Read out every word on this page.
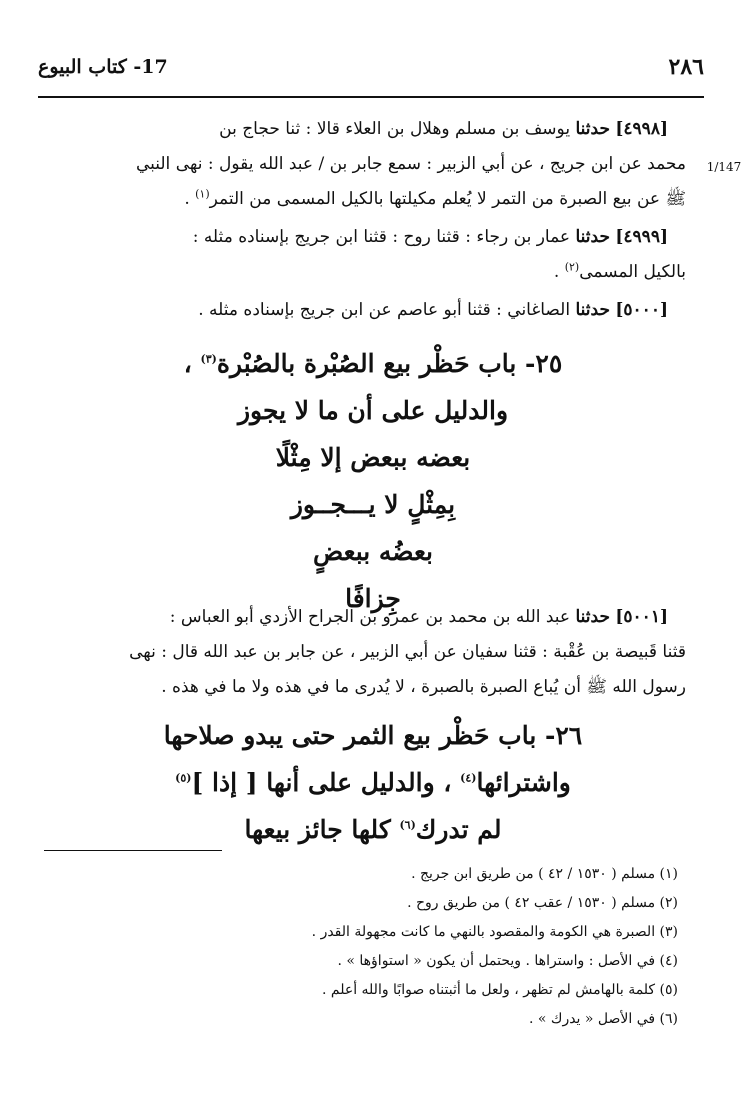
٢٨٦
17- كتاب البيوع
1/147
[٤٩٩٨] حدثنا يوسف بن مسلم وهلال بن العلاء قالا : ثنا حجاج بن
محمد عن ابن جريج ، عن أبي الزبير : سمع جابر بن / عبد الله يقول : نهى النبي
ﷺ عن بيع الصبرة من التمر لا يُعلم مكيلتها بالكيل المسمى من التمر$^{(١)}$ .
[٤٩٩٩] حدثنا عمار بن رجاء : قثنا روح : قثنا ابن جريج بإسناده مثله :
بالكيل المسمى$^{(٢)}$ .
[٥٠٠٠] حدثنا الصاغاني : قثنا أبو عاصم عن ابن جريج بإسناده مثله .
٢٥- باب حَظْر بيع الصُبْرة بالصُبْرة$^{(٣)}$ ،
والدليل على أن ما لا يجوز
بعضه ببعض إلا مِثْلًا
بِمِثْلٍ لا يـــجــوز
بعضُه ببعضٍ
جِزافًا
[٥٠٠١] حدثنا عبد الله بن محمد بن عمرو بن الجراح الأزدي أبو العباس :
قثنا قَبيصة بن عُقْبة : قثنا سفيان عن أبي الزبير ، عن جابر بن عبد الله قال : نهى
رسول الله ﷺ أن يُباع الصبرة بالصبرة ، لا يُدرى ما في هذه ولا ما في هذه .
٢٦- باب حَظْر بيع الثمر حتى يبدو صلاحها
واشترائها$^{(٤)}$ ، والدليل على أنها [ إذا ]$^{(٥)}$
لم تدرك$^{(٦)}$ كلها جائز بيعها
(١) مسلم ( ١٥٣٠ / ٤٢ ) من طريق ابن جريج .
(٢) مسلم ( ١٥٣٠ / عقب ٤٢ ) من طريق روح .
(٣) الصبرة هي الكومة والمقصود بالنهي ما كانت مجهولة القدر .
(٤) في الأصل : واستراها . ويحتمل أن يكون « استواؤها » .
(٥) كلمة بالهامش لم تظهر ، ولعل ما أثبتناه صوابًا والله أعلم .
(٦) في الأصل « يدرك » .
